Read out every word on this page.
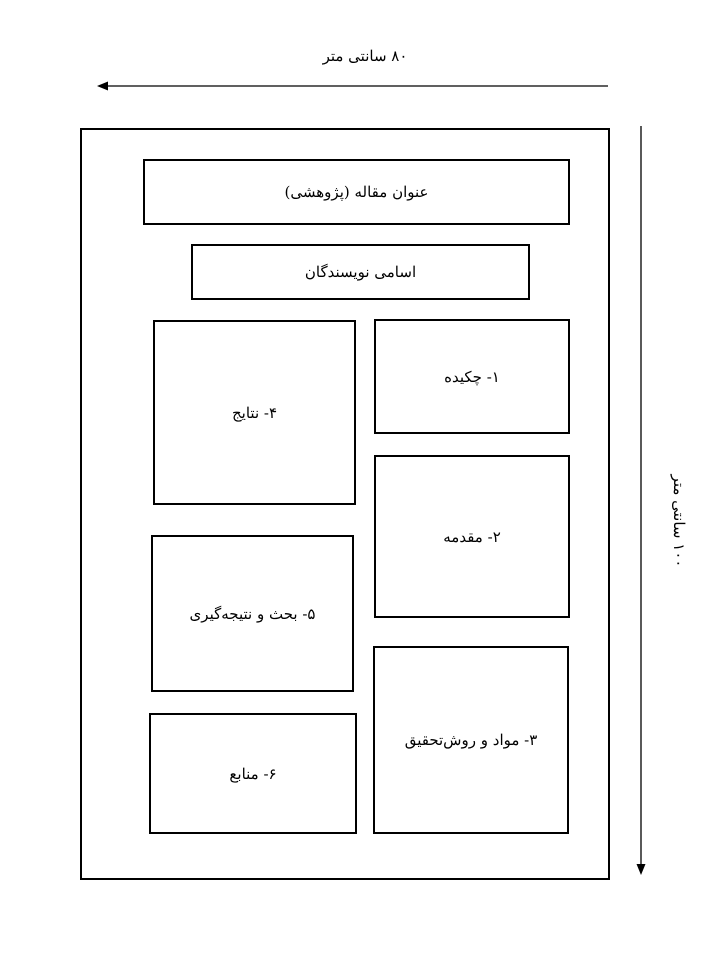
۸۰ سانتی متر
۱۰۰ سانتی متر
عنوان مقاله (پژوهشی)
اسامی نویسندگان
۱- چکیده
۲- مقدمه
۳- مواد و روش‌تحقیق
۴- نتایج
۵- بحث و نتیجه‌گیری
۶- منابع
